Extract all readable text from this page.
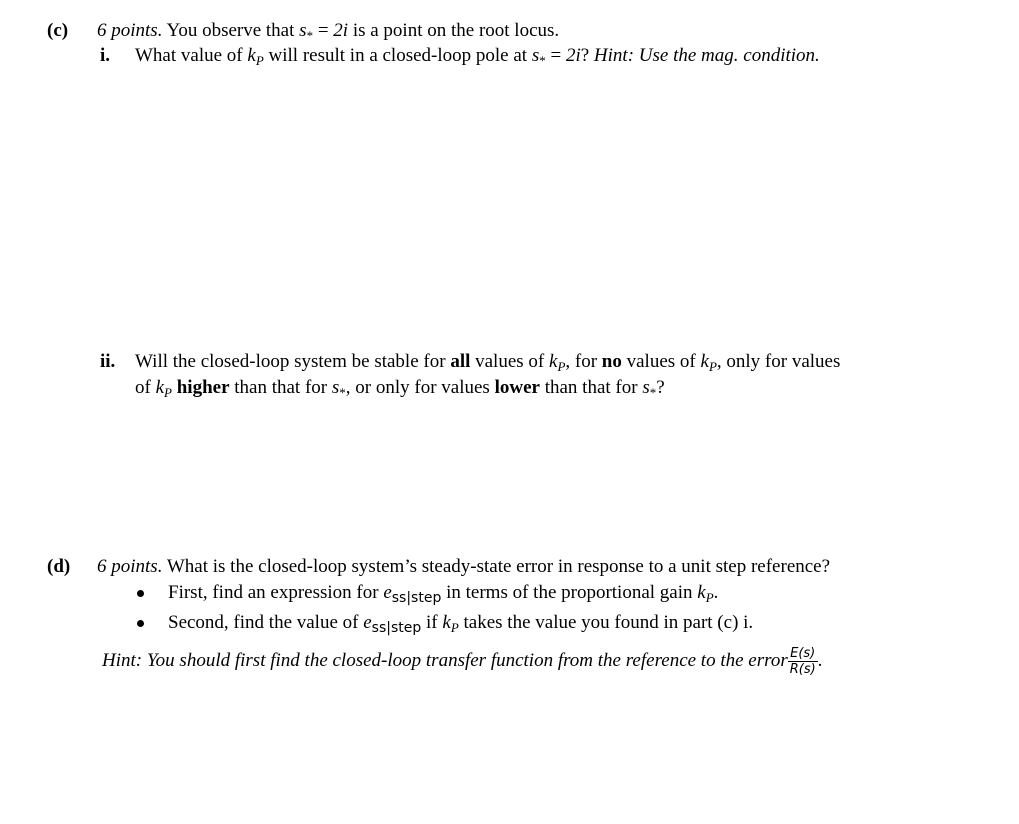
(c) 6 points. You observe that $s_* = 2i$ is a point on the root locus.
i. What value of $k_P$ will result in a closed-loop pole at $s_* = 2i$? Hint: Use the mag. condition.
ii. Will the closed-loop system be stable for all values of $k_P$, for no values of $k_P$, only for values
of $k_P$ higher than that for $s_*$, or only for values lower than that for $s_*$?
(d) 6 points. What is the closed-loop system’s steady-state error in response to a unit step reference?
First, find an expression for $e_{ss|step}$ in terms of the proportional gain $k_P$.
Second, find the value of $e_{ss|step}$ if $k_P$ takes the value you found in part (c) i.
Hint: You should first find the closed-loop transfer function from the reference to the error $\frac{E(s)}{R(s)}$ .
